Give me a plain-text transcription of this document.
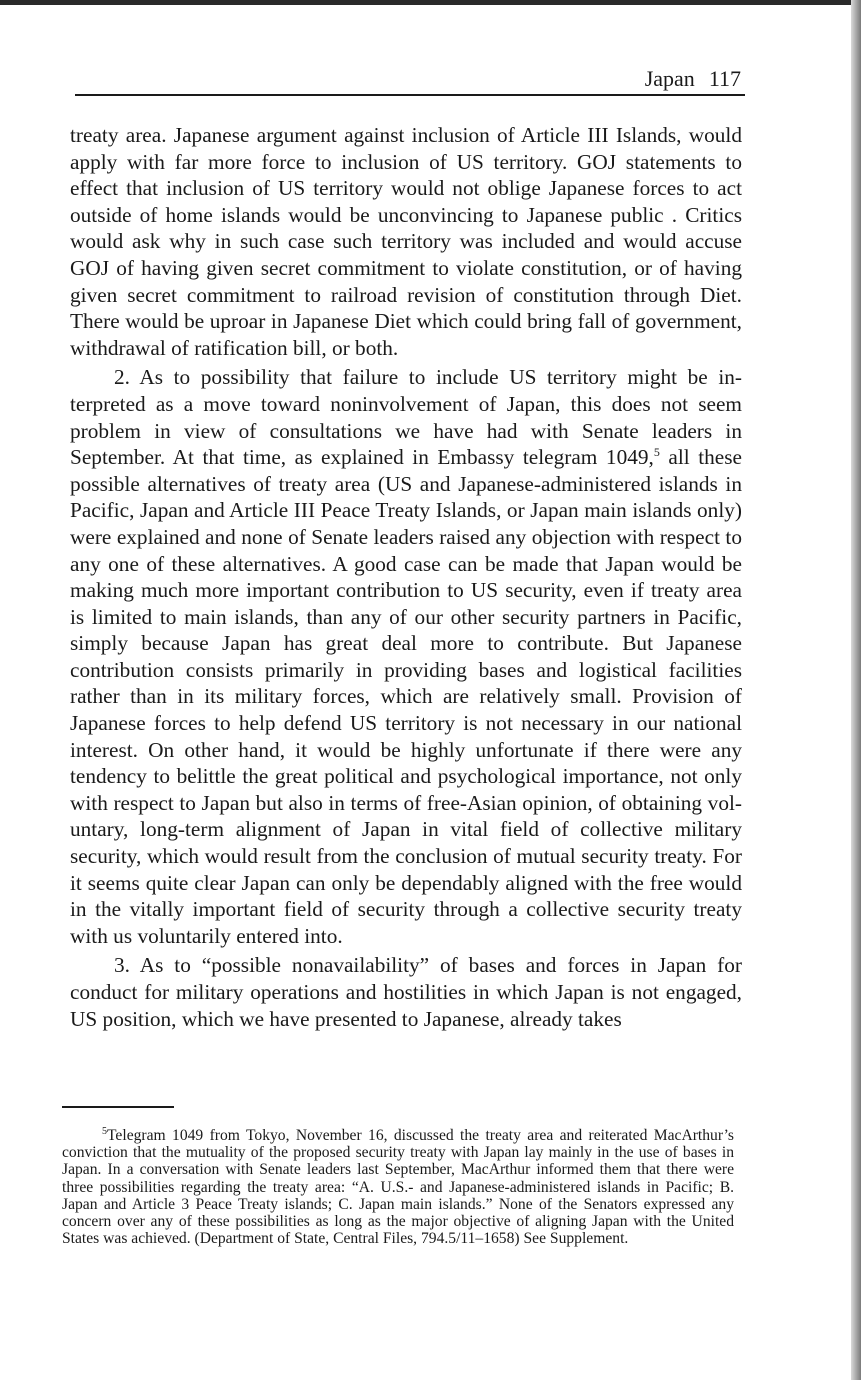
Japan 117

treaty area. Japanese argument against inclusion of Article III Islands, would apply with far more force to inclusion of US territory. GOJ statements to effect that inclusion of US territory would not oblige Japanese forces to act outside of home islands would be unconvincing to Japanese public . Critics would ask why in such case such territory was included and would accuse GOJ of having given secret commitment to violate constitution, or of having given secret commitment to railroad revision of constitution through Diet. There would be uproar in Japanese Diet which could bring fall of government, withdrawal of ratification bill, or both.

2. As to possibility that failure to include US territory might be interpreted as a move toward noninvolvement of Japan, this does not seem problem in view of consultations we have had with Senate leaders in September. At that time, as explained in Embassy telegram 1049,$^5$ all these possible alternatives of treaty area (US and Japanese-administered islands in Pacific, Japan and Article III Peace Treaty Islands, or Japan main islands only) were explained and none of Senate leaders raised any objection with respect to any one of these alternatives. A good case can be made that Japan would be making much more important contribution to US security, even if treaty area is limited to main islands, than any of our other security partners in Pacific, simply because Japan has great deal more to contribute. But Japanese contribution consists primarily in providing bases and logistical facilities rather than in its military forces, which are relatively small. Provision of Japanese forces to help defend US territory is not necessary in our national interest. On other hand, it would be highly unfortunate if there were any tendency to belittle the great political and psychological importance, not only with respect to Japan but also in terms of free-Asian opinion, of obtaining voluntary, long-term alignment of Japan in vital field of collective military security, which would result from the conclusion of mutual security treaty. For it seems quite clear Japan can only be dependably aligned with the free would in the vitally important field of security through a collective security treaty with us voluntarily entered into.

3. As to “possible nonavailability” of bases and forces in Japan for conduct for military operations and hostilities in which Japan is not engaged, US position, which we have presented to Japanese, already takes

$^5$Telegram 1049 from Tokyo, November 16, discussed the treaty area and reiterated MacArthur’s conviction that the mutuality of the proposed security treaty with Japan lay mainly in the use of bases in Japan. In a conversation with Senate leaders last September, MacArthur informed them that there were three possibilities regarding the treaty area: “A. U.S.- and Japanese-administered islands in Pacific; B. Japan and Article 3 Peace Treaty islands; C. Japan main islands.” None of the Senators expressed any concern over any of these possibilities as long as the major objective of aligning Japan with the United States was achieved. (Department of State, Central Files, 794.5/11–1658) See Supplement.
